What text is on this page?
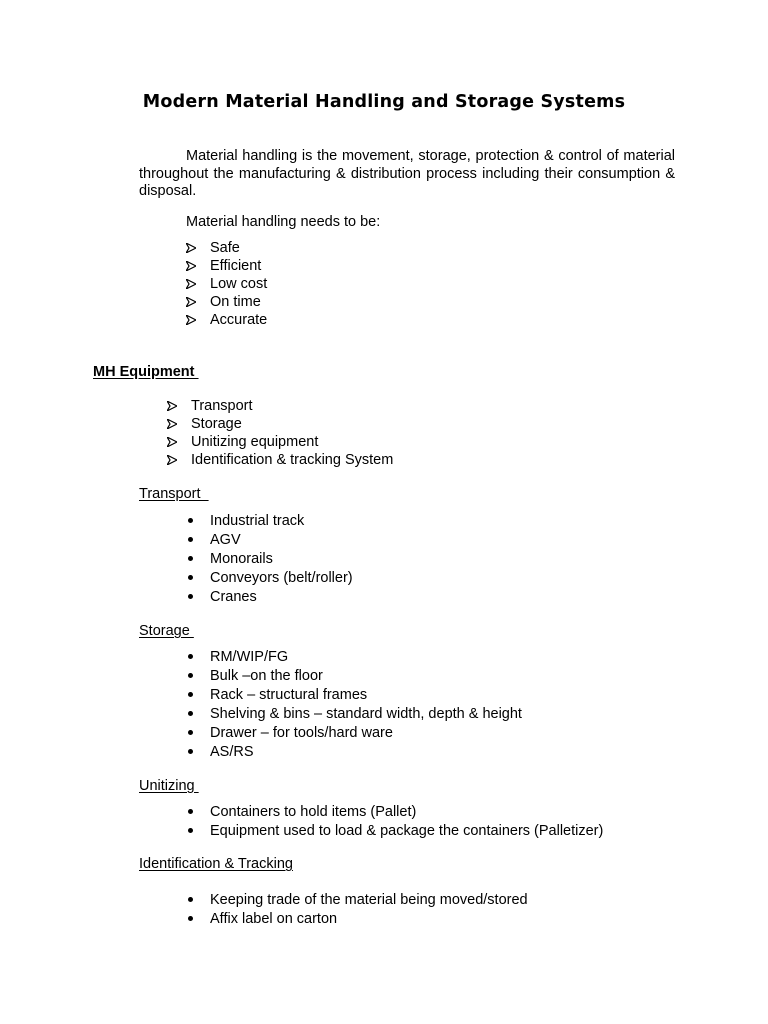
Modern Material Handling and Storage Systems
Material handling is the movement, storage, protection & control of material throughout the manufacturing & distribution process including their consumption & disposal.
Material handling needs to be:
Safe
Efficient
Low cost
On time
Accurate
MH Equipment
Transport
Storage
Unitizing equipment
Identification & tracking System
Transport
Industrial track
AGV
Monorails
Conveyors (belt/roller)
Cranes
Storage
RM/WIP/FG
Bulk –on the floor
Rack – structural frames
Shelving & bins – standard width, depth & height
Drawer – for tools/hard ware
AS/RS
Unitizing
Containers to hold items (Pallet)
Equipment used to load & package the containers (Palletizer)
Identification & Tracking
Keeping trade of the material being moved/stored
Affix label on carton
